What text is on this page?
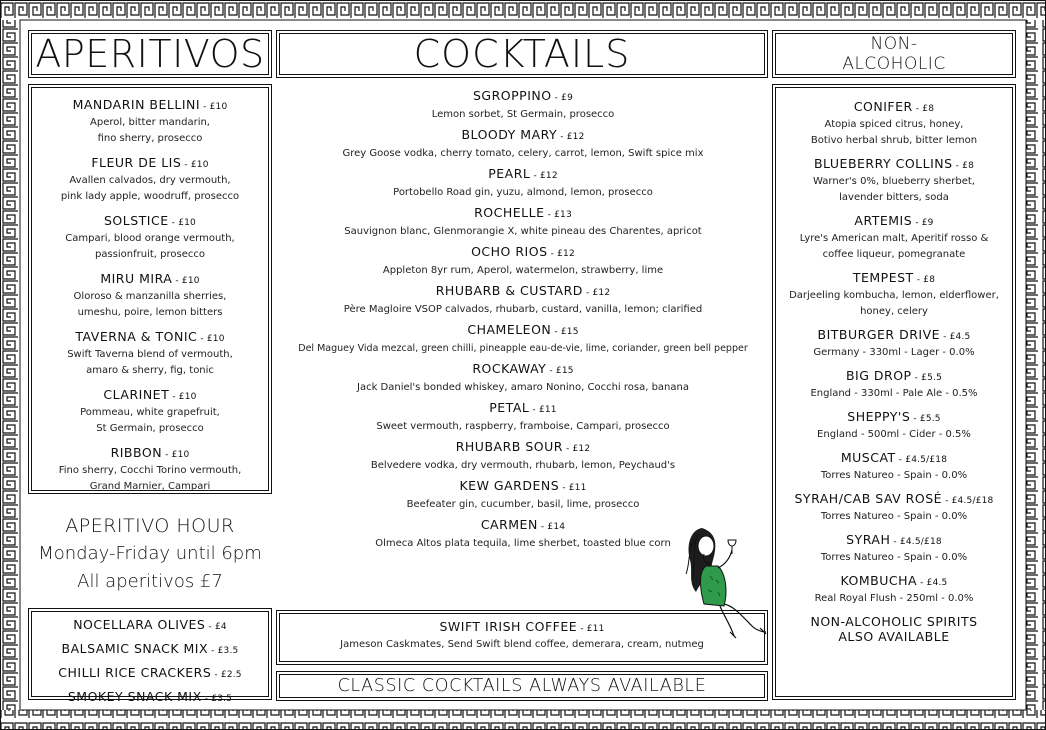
APERITIVOS	COCKTAILS	NON-
ALCOHOLIC
MANDARIN BELLINI - £10
Aperol, bitter mandarin,
fino sherry, prosecco
FLEUR DE LIS - £10
Avallen calvados, dry vermouth,
pink lady apple, woodruff, prosecco
SOLSTICE - £10
Campari, blood orange vermouth,
passionfruit, prosecco
MIRU MIRA - £10
Oloroso & manzanilla sherries,
umeshu, poire, lemon bitters
TAVERNA & TONIC - £10
Swift Taverna blend of vermouth,
amaro & sherry, fig, tonic
CLARINET - £10
Pommeau, white grapefruit,
St Germain, prosecco
RIBBON - £10
Fino sherry, Cocchi Torino vermouth,
Grand Marnier, Campari
APERITIVO HOUR
Monday-Friday until 6pm
All aperitivos £7
NOCELLARA OLIVES - £4
BALSAMIC SNACK MIX - £3.5
CHILLI RICE CRACKERS - £2.5
SMOKEY SNACK MIX - £3.5
SGROPPINO - £9
Lemon sorbet, St Germain, prosecco
BLOODY MARY - £12
Grey Goose vodka, cherry tomato, celery, carrot, lemon, Swift spice mix
PEARL - £12
Portobello Road gin, yuzu, almond, lemon, prosecco
ROCHELLE - £13
Sauvignon blanc, Glenmorangie X, white pineau des Charentes, apricot
OCHO RIOS - £12
Appleton 8yr rum, Aperol, watermelon, strawberry, lime
RHUBARB & CUSTARD - £12
Père Magloire VSOP calvados, rhubarb, custard, vanilla, lemon; clarified
CHAMELEON - £15
Del Maguey Vida mezcal, green chilli, pineapple eau-de-vie, lime, coriander, green bell pepper
ROCKAWAY - £15
Jack Daniel's bonded whiskey, amaro Nonino, Cocchi rosa, banana
PETAL - £11
Sweet vermouth, raspberry, framboise, Campari, prosecco
RHUBARB SOUR - £12
Belvedere vodka, dry vermouth, rhubarb, lemon, Peychaud's
KEW GARDENS - £11
Beefeater gin, cucumber, basil, lime, prosecco
CARMEN - £14
Olmeca Altos plata tequila, lime sherbet, toasted blue corn
SWIFT IRISH COFFEE - £11
Jameson Caskmates, Send Swift blend coffee, demerara, cream, nutmeg
CLASSIC COCKTAILS ALWAYS AVAILABLE
CONIFER - £8
Atopia spiced citrus, honey,
Botivo herbal shrub, bitter lemon
BLUEBERRY COLLINS - £8
Warner's 0%, blueberry sherbet,
lavender bitters, soda
ARTEMIS - £9
Lyre's American malt, Aperitif rosso &
coffee liqueur, pomegranate
TEMPEST - £8
Darjeeling kombucha, lemon, elderflower,
honey, celery
BITBURGER DRIVE - £4.5
Germany - 330ml - Lager - 0.0%
BIG DROP - £5.5
England - 330ml - Pale Ale - 0.5%
SHEPPY'S - £5.5
England - 500ml - Cider - 0.5%
MUSCAT - £4.5/£18
Torres Natureo - Spain - 0.0%
SYRAH/CAB SAV ROSÉ - £4.5/£18
Torres Natureo - Spain - 0.0%
SYRAH - £4.5/£18
Torres Natureo - Spain - 0.0%
KOMBUCHA - £4.5
Real Royal Flush - 250ml - 0.0%
NON-ALCOHOLIC SPIRITS
ALSO AVAILABLE
